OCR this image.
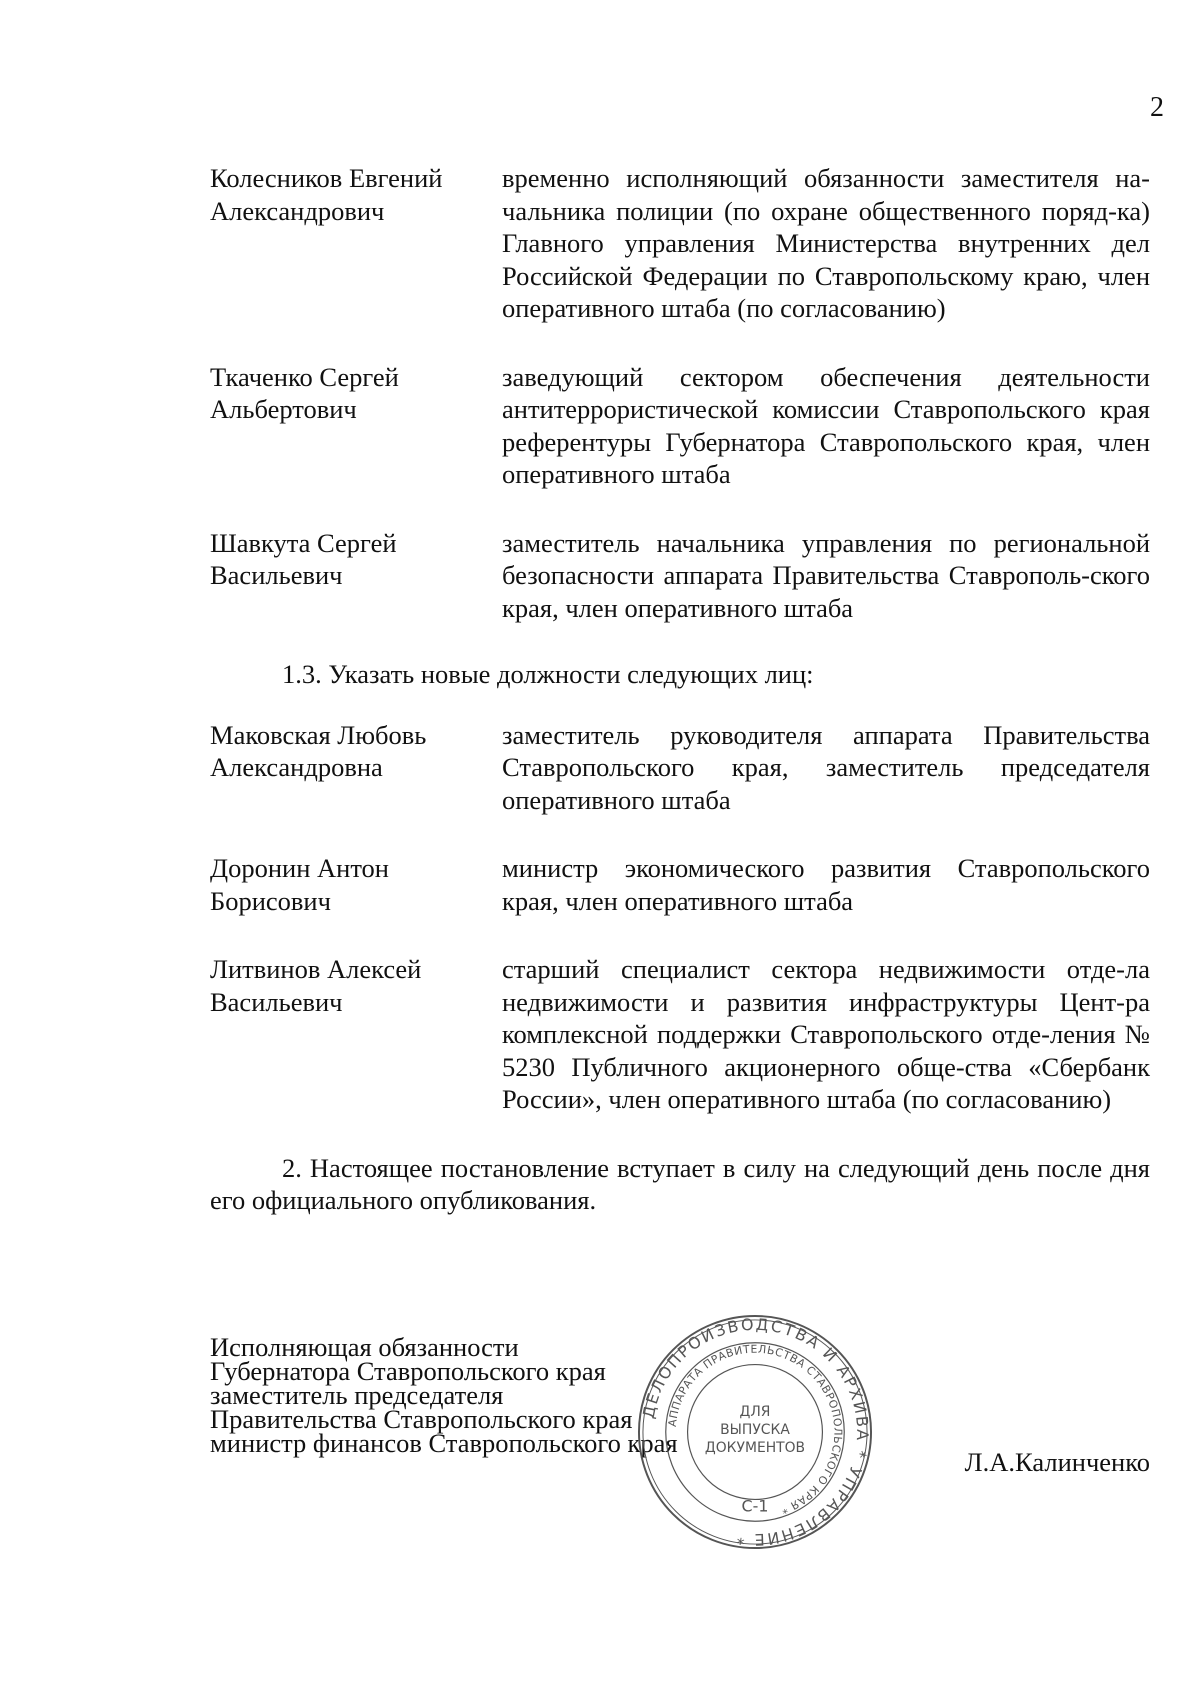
2
Колесников Евгений
Александрович
временно исполняющий обязанности заместителя на-чальника полиции (по охране общественного поряд-ка) Главного управления Министерства внутренних дел Российской Федерации по Ставропольскому краю, член оперативного штаба (по согласованию)
Ткаченко Сергей
Альбертович
заведующий сектором обеспечения деятельности антитеррористической комиссии Ставропольского края референтуры Губернатора Ставропольского края, член оперативного штаба
Шавкута Сергей
Васильевич
заместитель начальника управления по региональной безопасности аппарата Правительства Ставрополь-ского края, член оперативного штаба

1.3. Указать новые должности следующих лиц:

Маковская Любовь
Александровна
заместитель руководителя аппарата Правительства Ставропольского края, заместитель председателя оперативного штаба
Доронин Антон
Борисович
министр экономического развития Ставропольского края, член оперативного штаба
Литвинов Алексей
Васильевич
старший специалист сектора недвижимости отде-ла недвижимости и развития инфраструктуры Цент-ра комплексной поддержки Ставропольского отде-ления № 5230 Публичного акционерного обще-ства «Сбербанк России», член оперативного штаба (по согласованию)

2. Настоящее постановление вступает в силу на следующий день после дня его официального опубликования.

Исполняющая обязанности
Губернатора Ставропольского края
заместитель председателя
Правительства Ставропольского края
министр финансов Ставропольского края
Л.А.Калинченко
ДЕЛОПРОИЗВОДСТВА И АРХИВА * УПРАВЛЕНИЕ *
АППАРАТА ПРАВИТЕЛЬСТВА СТАВРОПОЛЬСКОГО КРАЯ *
ДЛЯ
ВЫПУСКА
ДОКУМЕНТОВ
С-1
